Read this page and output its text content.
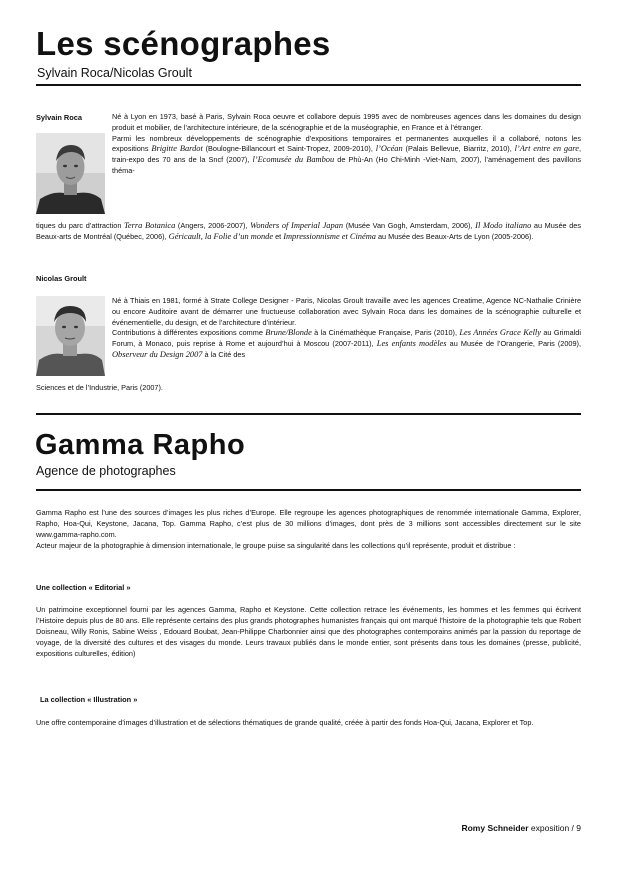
Les scénographes
Sylvain Roca/Nicolas Groult
Sylvain Roca	Né à Lyon en 1973, basé à Paris, Sylvain Roca oeuvre et collabore depuis 1995 avec de nombreuses agences dans les domaines du design produit et mobilier, de l’architecture intérieure, de la scénographie et de la muséographie, en France et à l’étranger.

Parmi les nombreux développements de scénographie d’expositions temporaires et permanentes auxquelles il a collaboré, notons les expositions Brigitte Bardot (Boulogne-Billancourt et Saint-Tropez, 2009-2010), l’Océan (Palais Bellevue, Biarritz, 2010), l’Art entre en gare, train-expo des 70 ans de la Sncf (2007), l’Ecomusée du Bambou de Phù-An (Ho Chi-Minh -Viet-Nam, 2007), l’aménagement des pavillons théma-

tiques du parc d’attraction Terra Botanica (Angers, 2006-2007), Wonders of Imperial Japan (Musée Van Gogh, Amsterdam, 2006), Il Modo italiano au Musée des Beaux-arts de Montréal (Québec, 2006), Géricault, la Folie d’un monde et Impressionnisme et Cinéma au Musée des Beaux-Arts de Lyon (2005-2006).

Nicolas Groult

Né à Thiais en 1981, formé à Strate College Designer - Paris, Nicolas Groult travaille avec les agences Creatime, Agence NC-Nathalie Crinière ou encore Auditoire avant de démarrer une fructueuse collaboration avec Sylvain Roca dans les domaines de la scénographie culturelle et événementielle, du design, et de l’architecture d’intérieur.

Contributions à différentes expositions comme Brune/Blonde à la Cinémathèque Française, Paris (2010), Les Années Grace Kelly au Grimaldi Forum, à Monaco, puis reprise à Rome et aujourd’hui à Moscou (2007-2011), Les enfants modèles au Musée de l’Orangerie, Paris (2009), Observeur du Design 2007 à la Cité des

Sciences et de l’Industrie, Paris (2007).

Gamma Rapho
Agence de photographes

Gamma Rapho est l’une des sources d’images les plus riches d’Europe. Elle regroupe les agences photographiques de renommée internationale Gamma, Explorer, Rapho, Hoa-Qui, Keystone, Jacana, Top. Gamma Rapho, c’est plus de 30 millions d’images, dont près de 3 millions sont accessibles directement sur le site www.gamma-rapho.com.

Acteur majeur de la photographie à dimension internationale, le groupe puise sa singularité dans les collections qu’il représente, produit et distribue :

Une collection « Editorial »
Un patrimoine exceptionnel fourni par les agences Gamma, Rapho et Keystone. Cette collection retrace les événements, les hommes et les femmes qui écrivent l’Histoire depuis plus de 80 ans. Elle représente certains des plus grands photographes humanistes français qui ont marqué l’histoire de la photographie tels que Robert Doisneau, Willy Ronis, Sabine Weiss , Edouard Boubat, Jean-Philippe Charbonnier ainsi que des photographes contemporains animés par la passion du reportage de voyage, de la diversité des cultures et des visages du monde. Leurs travaux publiés dans le monde entier, sont présents dans tous les domaines (presse, publicité, expositions culturelles, édition)
La collection « Illustration »
Une offre contemporaine d’images d’illustration et de sélections thématiques de grande qualité, créée à partir des fonds Hoa-Qui, Jacana, Explorer et Top.
Romy Schneider exposition / 9
